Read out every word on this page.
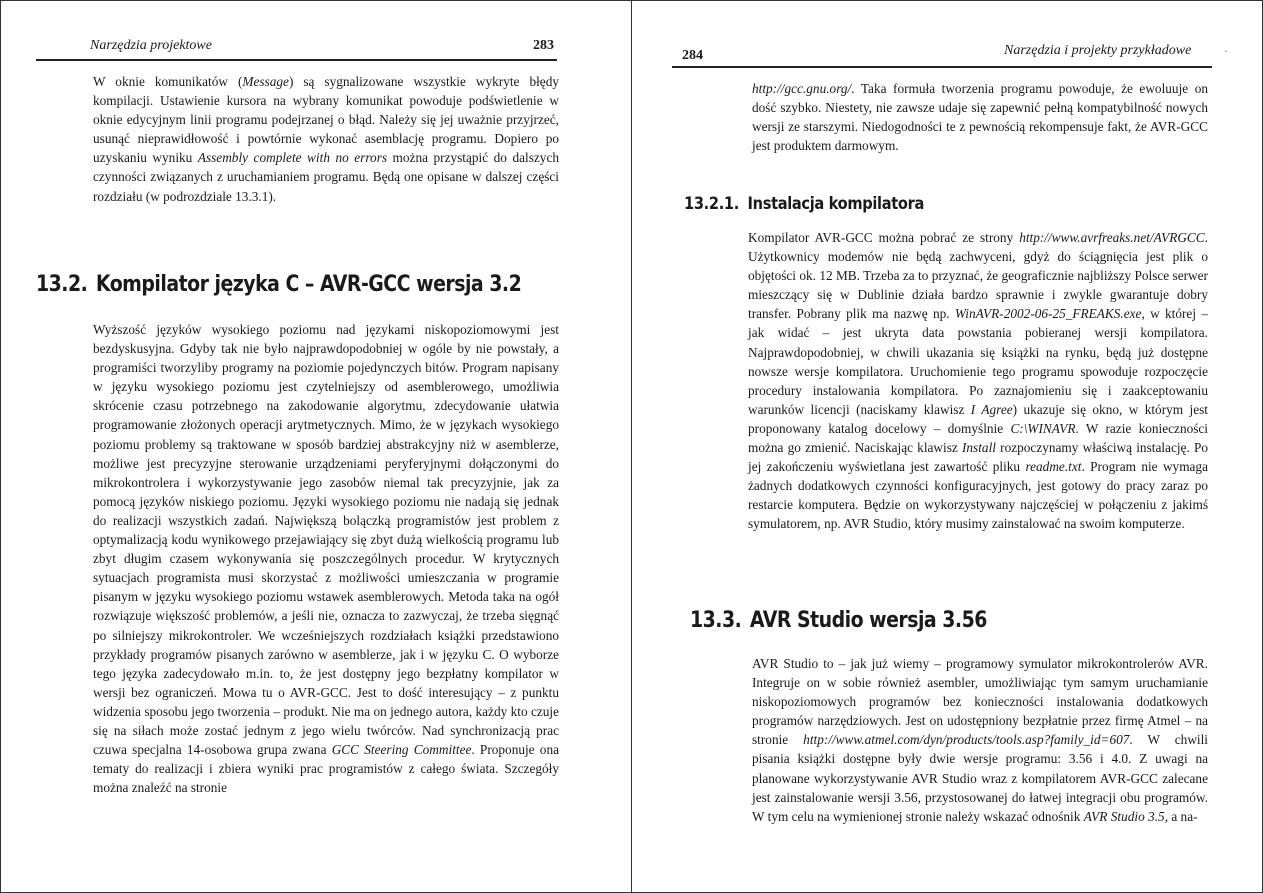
Narzędzia projektowe	283

W oknie komunikatów (Message) są sygnalizowane wszystkie wykryte błędy kompilacji. Ustawienie kursora na wybrany komunikat powoduje podświetlenie w oknie edycyjnym linii programu podejrzanej o błąd. Należy się jej uważnie przyjrzeć, usunąć nieprawidłowość i powtórnie wykonać asemblację programu. Dopiero po uzyskaniu wyniku Assembly complete with no errors można przystąpić do dalszych czynności związanych z uruchamianiem programu. Będą one opisane w dalszej części rozdziału (w podrozdziale 13.3.1).

13.2. Kompilator języka C – AVR-GCC wersja 3.2

Wyższość języków wysokiego poziomu nad językami niskopoziomowymi jest bezdyskusyjna. Gdyby tak nie było najprawdopodobniej w ogóle by nie powstały, a programiści tworzyliby programy na poziomie pojedynczych bitów. Program napisany w języku wysokiego poziomu jest czytelniejszy od asemblerowego, umożliwia skrócenie czasu potrzebnego na zakodowanie algorytmu, zdecydowanie ułatwia programowanie złożonych operacji arytmetycznych. Mimo, że w językach wysokiego poziomu problemy są traktowane w sposób bardziej abstrakcyjny niż w asemblerze, możliwe jest precyzyjne sterowanie urządzeniami peryferyjnymi dołączonymi do mikrokontrolera i wykorzystywanie jego zasobów niemal tak precyzyjnie, jak za pomocą języków niskiego poziomu. Języki wysokiego poziomu nie nadają się jednak do realizacji wszystkich zadań. Największą bolączką programistów jest problem z optymalizacją kodu wynikowego przejawiający się zbyt dużą wielkością programu lub zbyt długim czasem wykonywania się poszczególnych procedur. W krytycznych sytuacjach programista musi skorzystać z możliwości umieszczania w programie pisanym w języku wysokiego poziomu wstawek asemblerowych. Metoda taka na ogół rozwiązuje większość problemów, a jeśli nie, oznacza to zazwyczaj, że trzeba sięgnąć po silniejszy mikrokontroler. We wcześniejszych rozdziałach książki przedstawiono przykłady programów pisanych zarówno w asemblerze, jak i w języku C. O wyborze tego języka zadecydowało m.in. to, że jest dostępny jego bezpłatny kompilator w wersji bez ograniczeń. Mowa tu o AVR-GCC. Jest to dość interesujący – z punktu widzenia sposobu jego tworzenia – produkt. Nie ma on jednego autora, każdy kto czuje się na siłach może zostać jednym z jego wielu twórców. Nad synchronizacją prac czuwa specjalna 14-osobowa grupa zwana GCC Steering Committee. Proponuje ona tematy do realizacji i zbiera wyniki prac programistów z całego świata. Szczegóły można znaleźć na stronie

284	Narzędzia i projekty przykładowe	·

http://gcc.gnu.org/. Taka formuła tworzenia programu powoduje, że ewoluuje on dość szybko. Niestety, nie zawsze udaje się zapewnić pełną kompatybilność nowych wersji ze starszymi. Niedogodności te z pewnością rekompensuje fakt, że AVR-GCC jest produktem darmowym.

13.2.1. Instalacja kompilatora

Kompilator AVR-GCC można pobrać ze strony http://www.avrfreaks.net/AVRGCC. Użytkownicy modemów nie będą zachwyceni, gdyż do ściągnięcia jest plik o objętości ok. 12 MB. Trzeba za to przyznać, że geograficznie najbliższy Polsce serwer mieszczący się w Dublinie działa bardzo sprawnie i zwykle gwarantuje dobry transfer. Pobrany plik ma nazwę np. WinAVR-2002-06-25_FREAKS.exe, w której – jak widać – jest ukryta data powstania pobieranej wersji kompilatora. Najprawdopodobniej, w chwili ukazania się książki na rynku, będą już dostępne nowsze wersje kompilatora. Uruchomienie tego programu spowoduje rozpoczęcie procedury instalowania kompilatora. Po zaznajomieniu się i zaakceptowaniu warunków licencji (naciskamy klawisz I Agree) ukazuje się okno, w którym jest proponowany katalog docelowy – domyślnie C:\WINAVR. W razie konieczności można go zmienić. Naciskając klawisz Install rozpoczynamy właściwą instalację. Po jej zakończeniu wyświetlana jest zawartość pliku readme.txt. Program nie wymaga żadnych dodatkowych czynności konfiguracyjnych, jest gotowy do pracy zaraz po restarcie komputera. Będzie on wykorzystywany najczęściej w połączeniu z jakimś symulatorem, np. AVR Studio, który musimy zainstalować na swoim komputerze.

13.3. AVR Studio wersja 3.56

AVR Studio to – jak już wiemy – programowy symulator mikrokontrolerów AVR. Integruje on w sobie również asembler, umożliwiając tym samym uruchamianie niskopoziomowych programów bez konieczności instalowania dodatkowych programów narzędziowych. Jest on udostępniony bezpłatnie przez firmę Atmel – na stronie http://www.atmel.com/dyn/products/tools.asp?family_id=607. W chwili pisania książki dostępne były dwie wersje programu: 3.56 i 4.0. Z uwagi na planowane wykorzystywanie AVR Studio wraz z kompilatorem AVR-GCC zalecane jest zainstalowanie wersji 3.56, przystosowanej do łatwej integracji obu programów. W tym celu na wymienionej stronie należy wskazać odnośnik AVR Studio 3.5, a na-
